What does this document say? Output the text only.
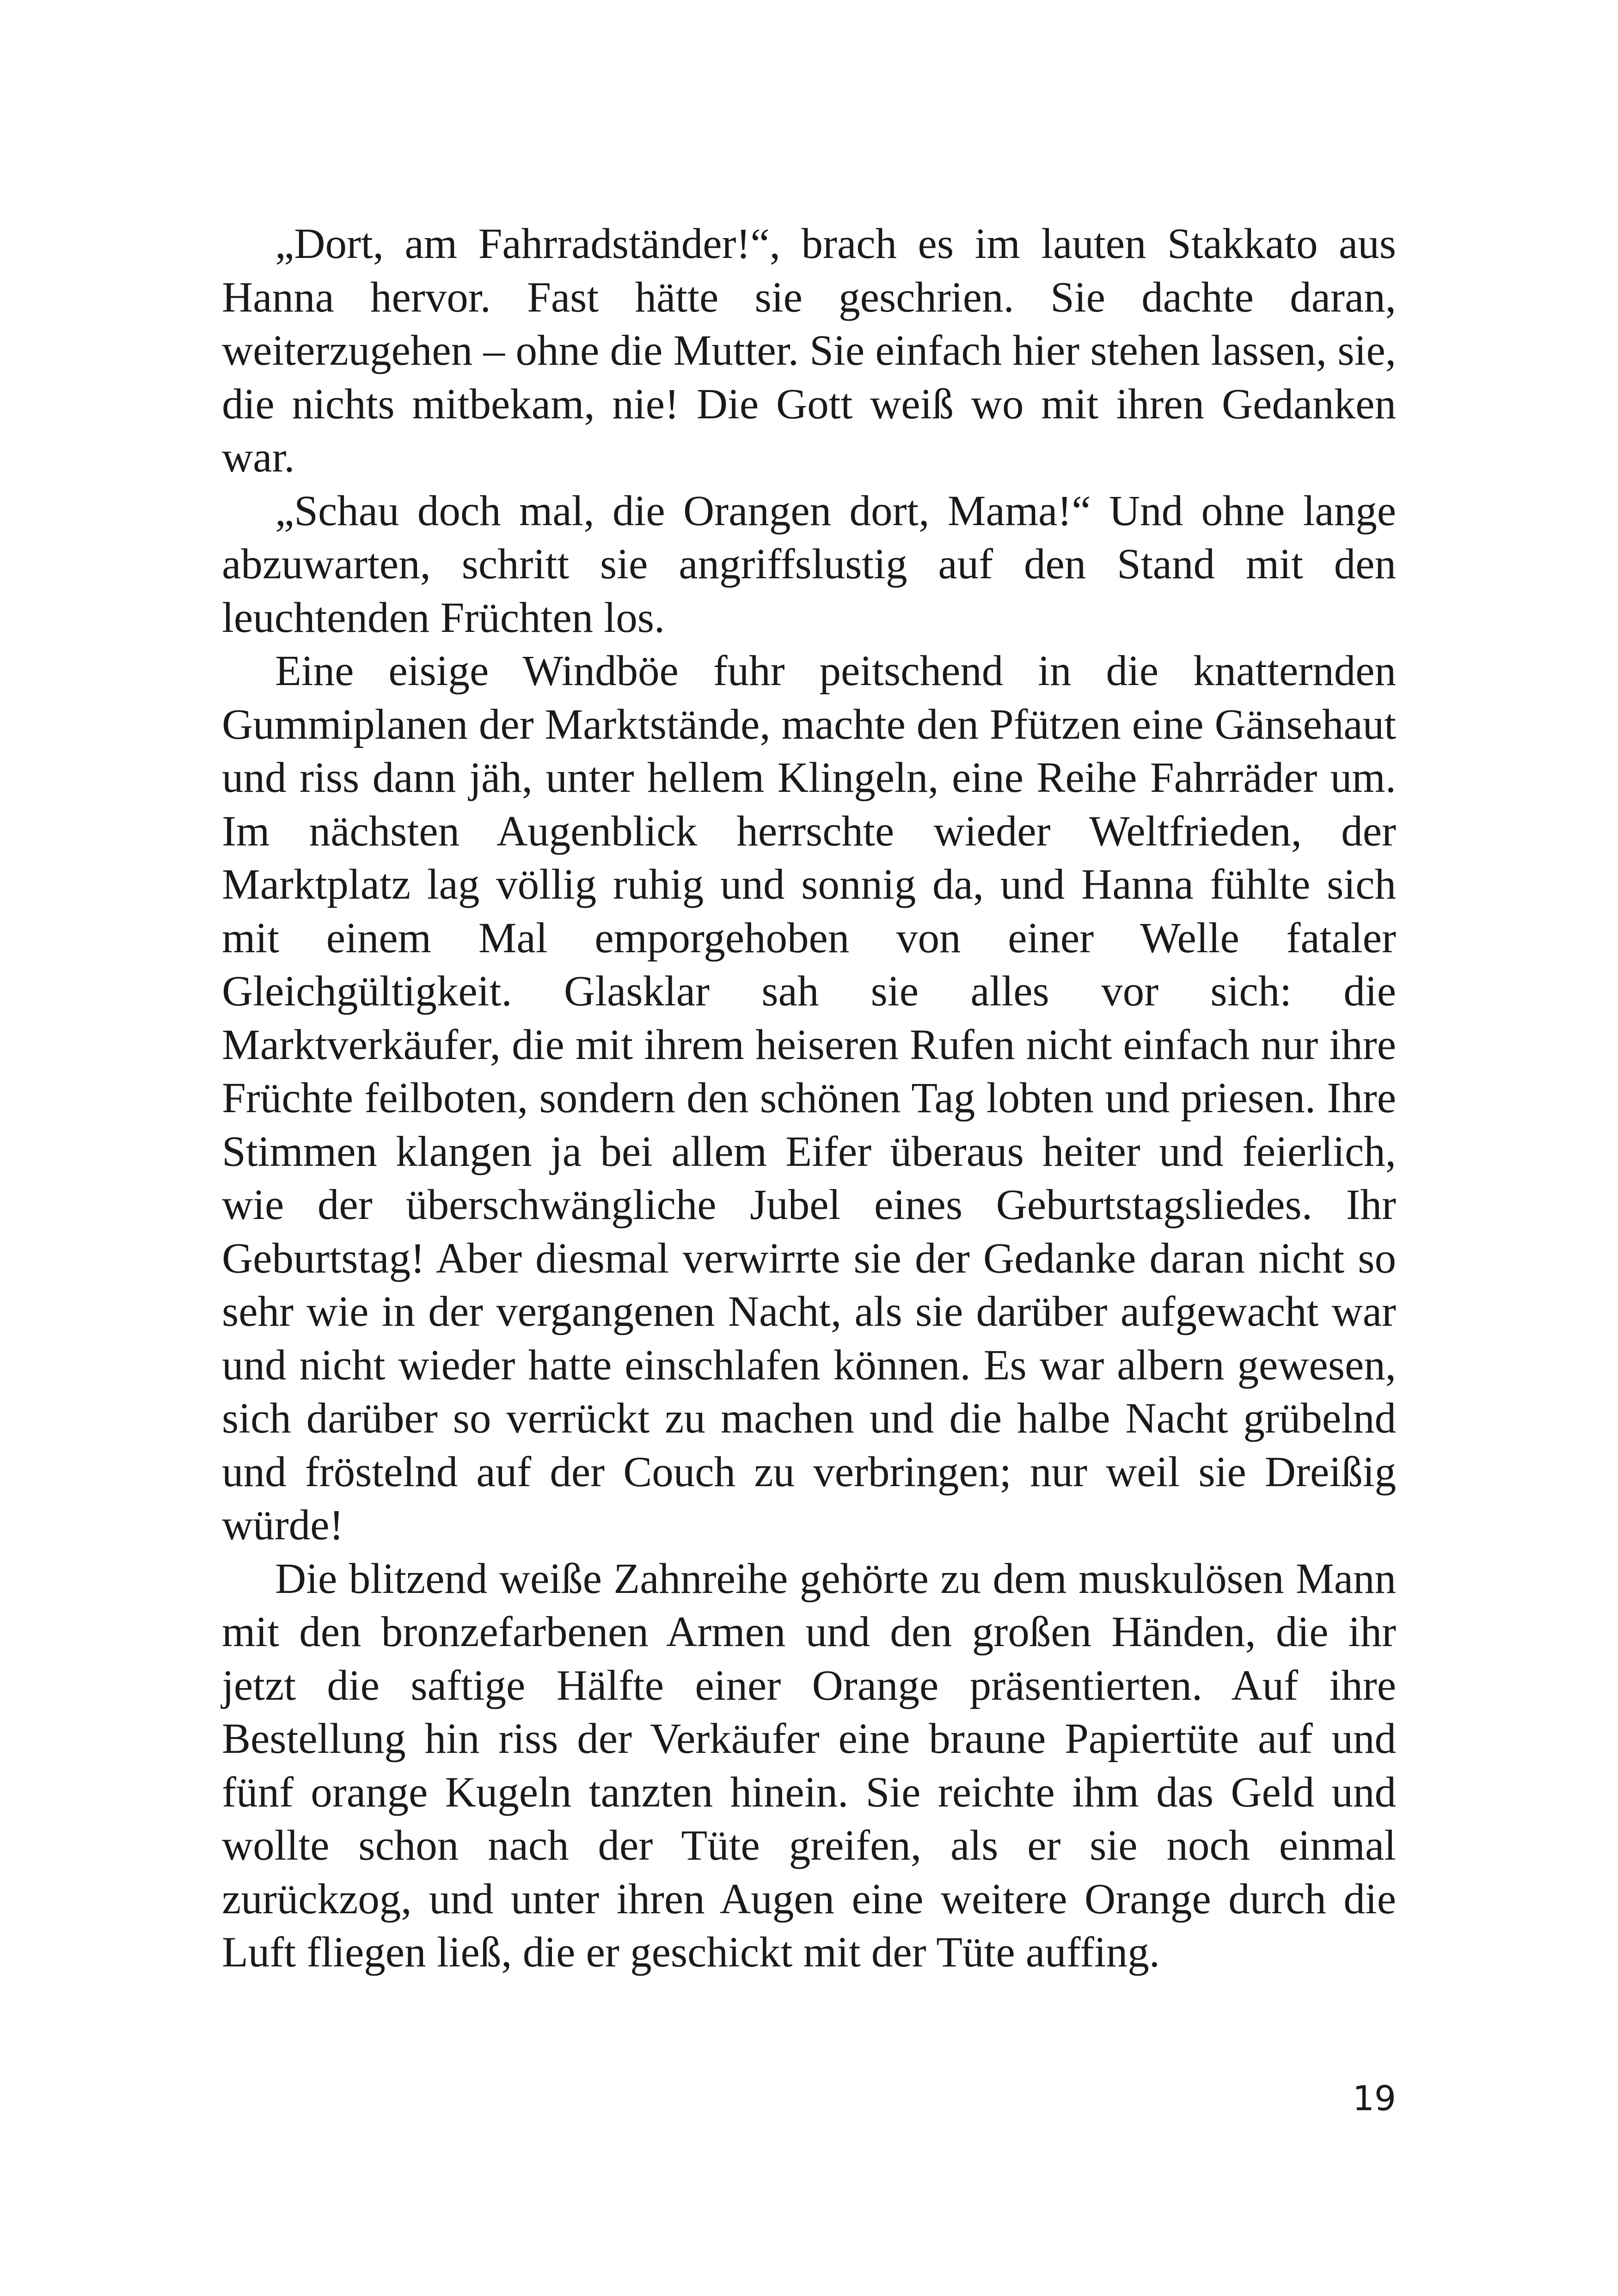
„Dort, am Fahrradständer!“, brach es im lauten Stakkato aus Hanna hervor. Fast hätte sie geschrien. Sie dachte daran, weiterzugehen – ohne die Mutter. Sie einfach hier stehen lassen, sie, die nichts mitbekam, nie! Die Gott weiß wo mit ihren Gedanken war.

„Schau doch mal, die Orangen dort, Mama!“ Und ohne lange abzuwarten, schritt sie angriffslustig auf den Stand mit den leuchtenden Früchten los.

Eine eisige Windböe fuhr peitschend in die knatternden Gummiplanen der Marktstände, machte den Pfützen eine Gänsehaut und riss dann jäh, unter hellem Klingeln, eine Reihe Fahrräder um. Im nächsten Augenblick herrschte wieder Weltfrieden, der Marktplatz lag völlig ruhig und sonnig da, und Hanna fühlte sich mit einem Mal emporgehoben von einer Welle fataler Gleichgültigkeit. Glasklar sah sie alles vor sich: die Marktverkäufer, die mit ihrem heiseren Rufen nicht einfach nur ihre Früchte feilboten, sondern den schönen Tag lobten und priesen. Ihre Stimmen klangen ja bei allem Eifer überaus heiter und feierlich, wie der überschwängliche Jubel eines Geburtstagsliedes. Ihr Geburtstag! Aber diesmal verwirrte sie der Gedanke daran nicht so sehr wie in der vergangenen Nacht, als sie darüber aufgewacht war und nicht wieder hatte einschlafen können. Es war albern gewesen, sich darüber so verrückt zu machen und die halbe Nacht grübelnd und fröstelnd auf der Couch zu verbringen; nur weil sie Dreißig würde!

Die blitzend weiße Zahnreihe gehörte zu dem muskulösen Mann mit den bronzefarbenen Armen und den großen Händen, die ihr jetzt die saftige Hälfte einer Orange präsentierten. Auf ihre Bestellung hin riss der Verkäufer eine braune Papiertüte auf und fünf orange Kugeln tanzten hinein. Sie reichte ihm das Geld und wollte schon nach der Tüte greifen, als er sie noch einmal zurückzog, und unter ihren Augen eine weitere Orange durch die Luft fliegen ließ, die er geschickt mit der Tüte auffing.

19
